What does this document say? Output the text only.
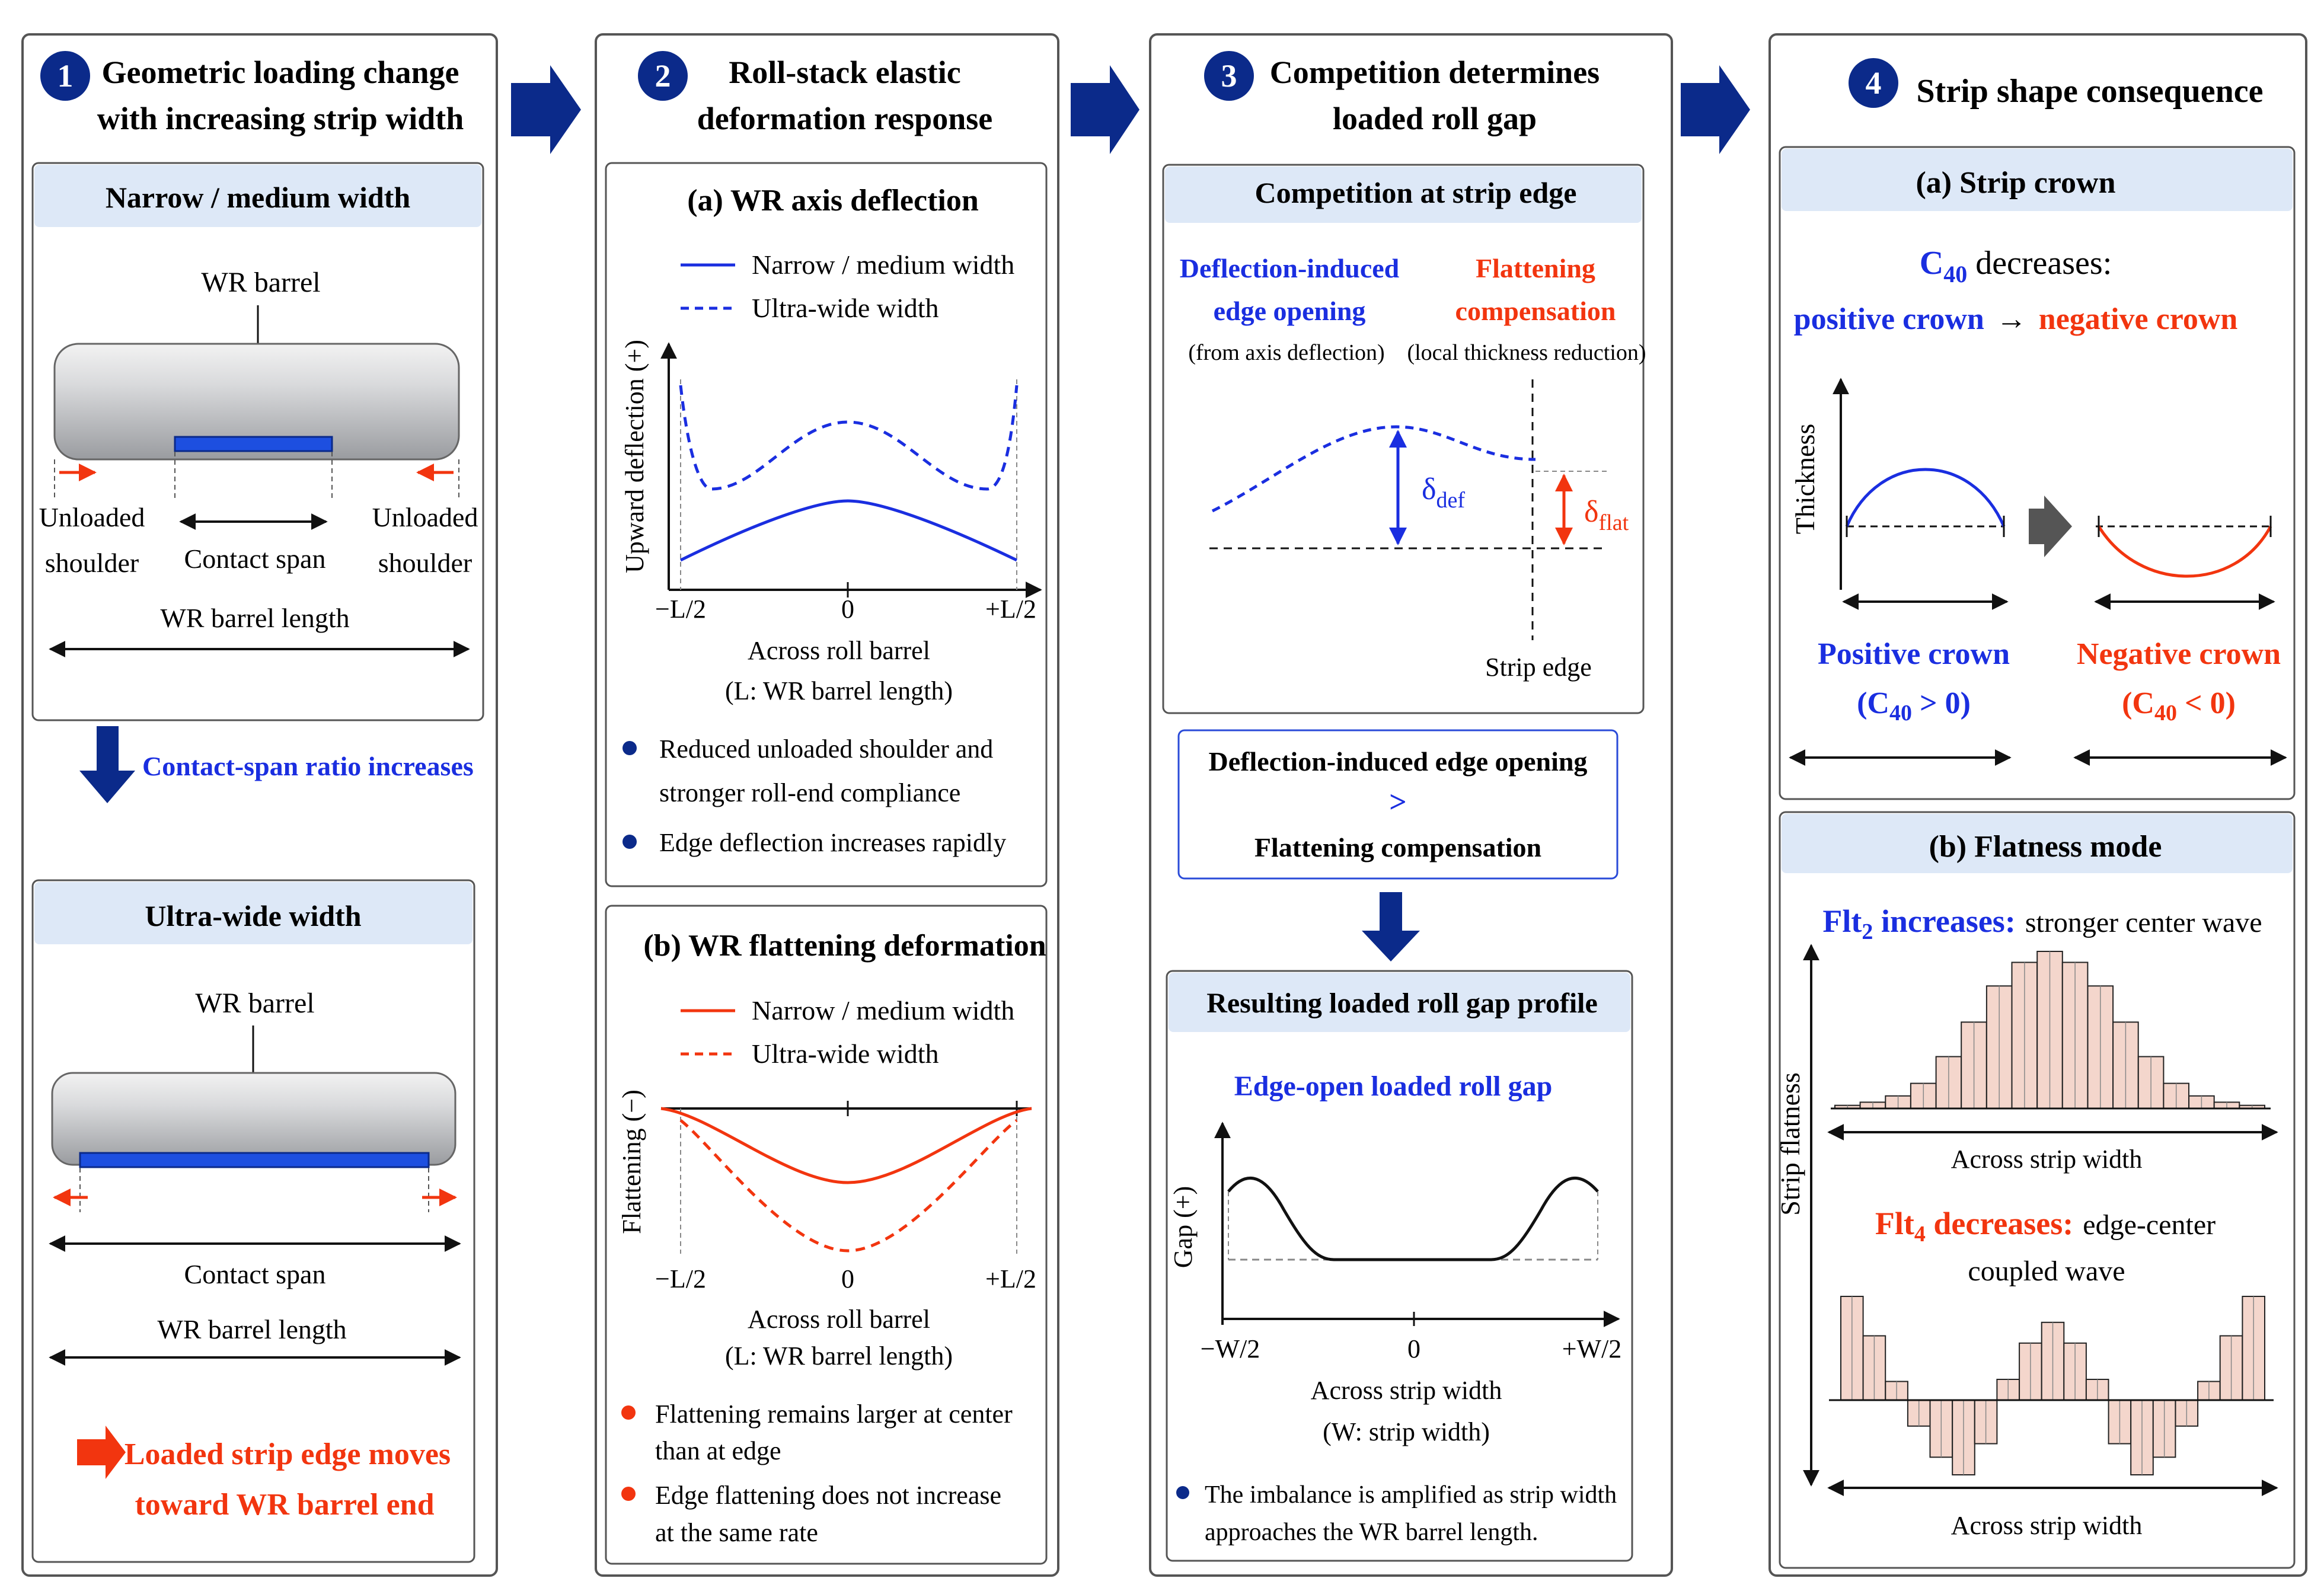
1 Geometric loading change
with increasing strip width
Narrow / medium width
WR barrel
Unloaded
shoulder
Unloaded
shoulder
Contact span
WR barrel length
Contact-span ratio increases
Ultra-wide width
WR barrel
Contact span
WR barrel length
Loaded strip edge moves
toward WR barrel end
2 Roll-stack elastic
deformation response
(a) WR axis deflection
Narrow / medium width
Ultra-wide width
Upward deflection (+)
−L/2	0	+L/2
Across roll barrel
(L: WR barrel length)
Reduced unloaded shoulder and
stronger roll-end compliance
Edge deflection increases rapidly
(b) WR flattening deformation
Narrow / medium width
Ultra-wide width
Flattening (−)
−L/2	0	+L/2
Across roll barrel
(L: WR barrel length)
Flattening remains larger at center
than at edge
Edge flattening does not increase
at the same rate
3 Competition determines
loaded roll gap
Competition at strip edge
Deflection-induced
edge opening
(from axis deflection)
Flattening
compensation
(local thickness reduction)
$\delta_{def}$	$\delta_{flat}$
Strip edge
Deflection-induced edge opening
>
Flattening compensation
Resulting loaded roll gap profile
Edge-open loaded roll gap
Gap (+)
−W/2	0	+W/2
Across strip width
(W: strip width)
The imbalance is amplified as strip width
approaches the WR barrel length.
4 Strip shape consequence
(a) Strip crown
$C_{40}$ decreases:
positive crown → negative crown
Thickness
Positive crown
$(C_{40} > 0)$
Negative crown
$(C_{40} < 0)$
(b) Flatness mode
Flt$_2$ increases: stronger center wave
Strip flatness	Across strip width
Flt$_4$ decreases: edge-center
coupled wave
Across strip width
